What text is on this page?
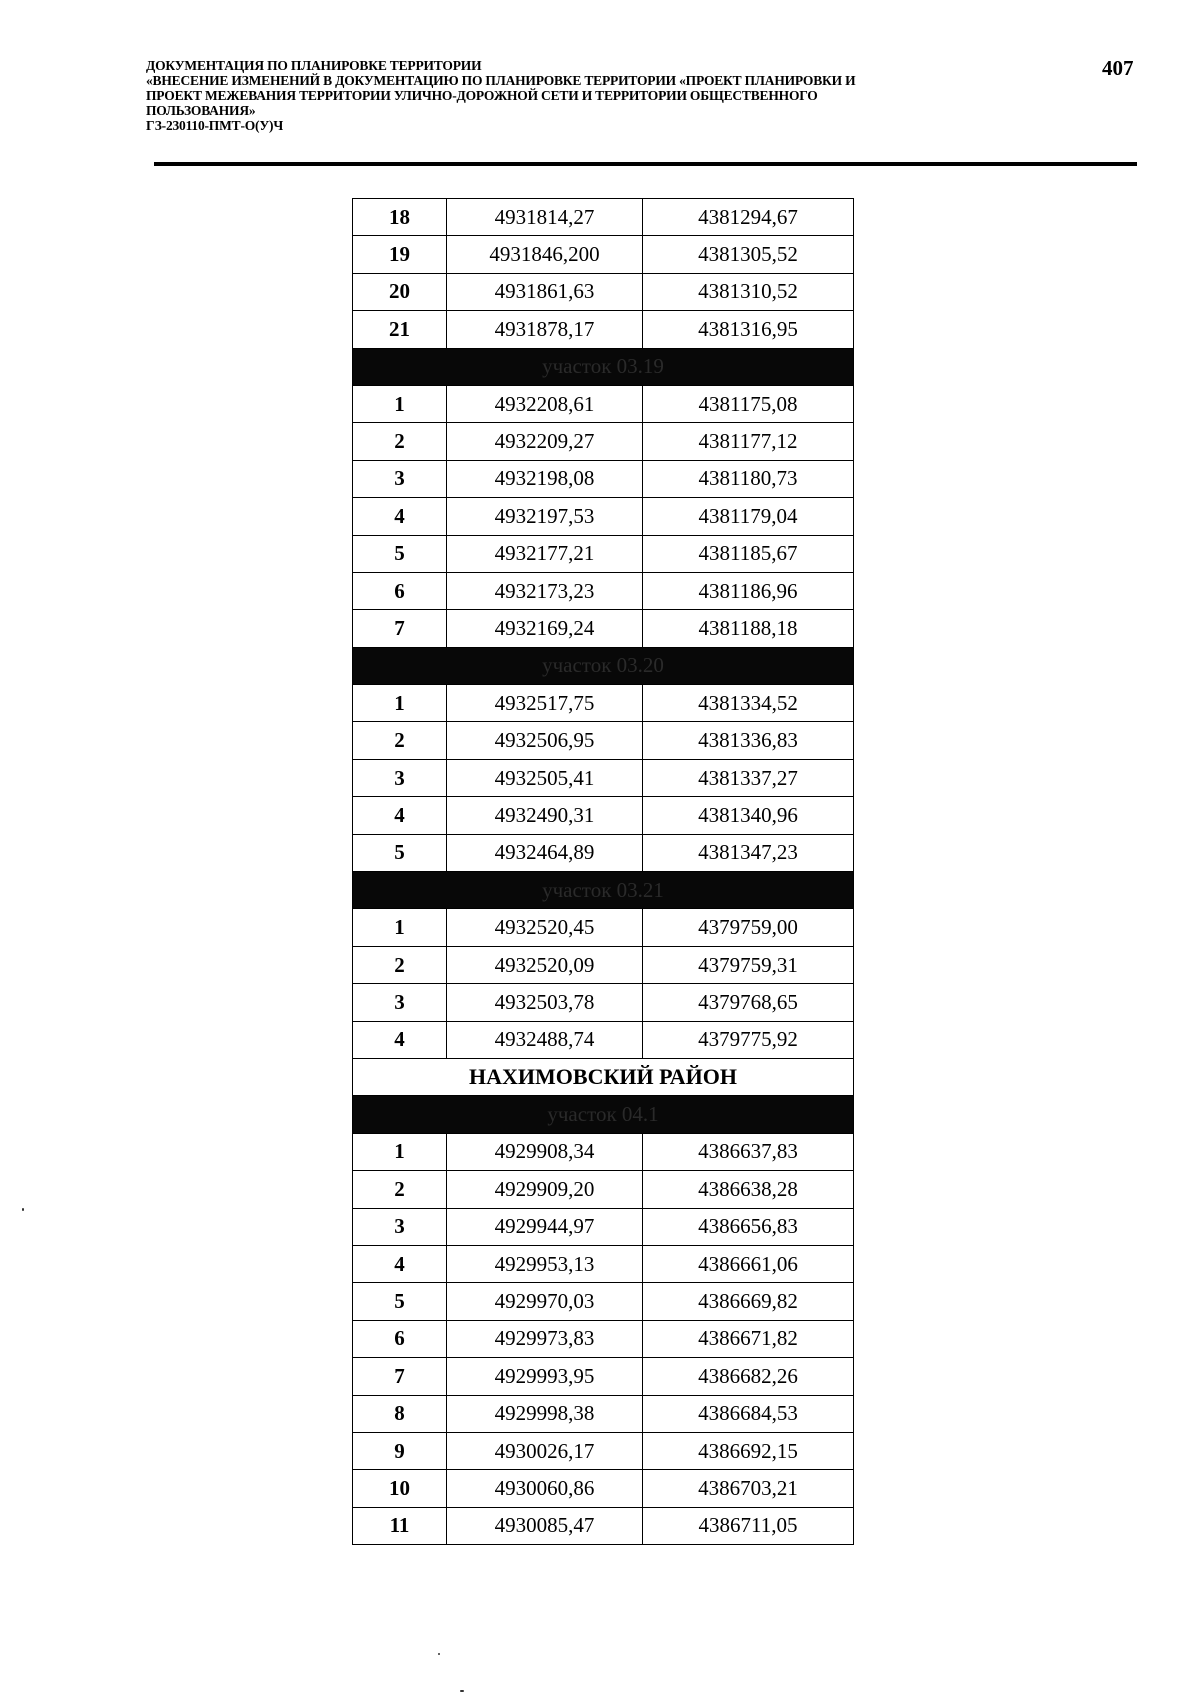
ДОКУМЕНТАЦИЯ ПО ПЛАНИРОВКЕ ТЕРРИТОРИИ
«ВНЕСЕНИЕ ИЗМЕНЕНИЙ В ДОКУМЕНТАЦИЮ ПО ПЛАНИРОВКЕ ТЕРРИТОРИИ «ПРОЕКТ ПЛАНИРОВКИ И
ПРОЕКТ МЕЖЕВАНИЯ ТЕРРИТОРИИ УЛИЧНО-ДОРОЖНОЙ СЕТИ И ТЕРРИТОРИИ ОБЩЕСТВЕННОГО
ПОЛЬЗОВАНИЯ»
ГЗ-230110-ПМТ-О(У)Ч
407
18	4931814,27	4381294,67
19	4931846,200	4381305,52
20	4931861,63	4381310,52
21	4931878,17	4381316,95
участок 03.19		
1	4932208,61	4381175,08
2	4932209,27	4381177,12
3	4932198,08	4381180,73
4	4932197,53	4381179,04
5	4932177,21	4381185,67
6	4932173,23	4381186,96
7	4932169,24	4381188,18
участок 03.20		
1	4932517,75	4381334,52
2	4932506,95	4381336,83
3	4932505,41	4381337,27
4	4932490,31	4381340,96
5	4932464,89	4381347,23
участок 03.21		
1	4932520,45	4379759,00
2	4932520,09	4379759,31
3	4932503,78	4379768,65
4	4932488,74	4379775,92
НАХИМОВСКИЙ РАЙОН		
участок 04.1		
1	4929908,34	4386637,83
2	4929909,20	4386638,28
3	4929944,97	4386656,83
4	4929953,13	4386661,06
5	4929970,03	4386669,82
6	4929973,83	4386671,82
7	4929993,95	4386682,26
8	4929998,38	4386684,53
9	4930026,17	4386692,15
10	4930060,86	4386703,21
11	4930085,47	4386711,05
